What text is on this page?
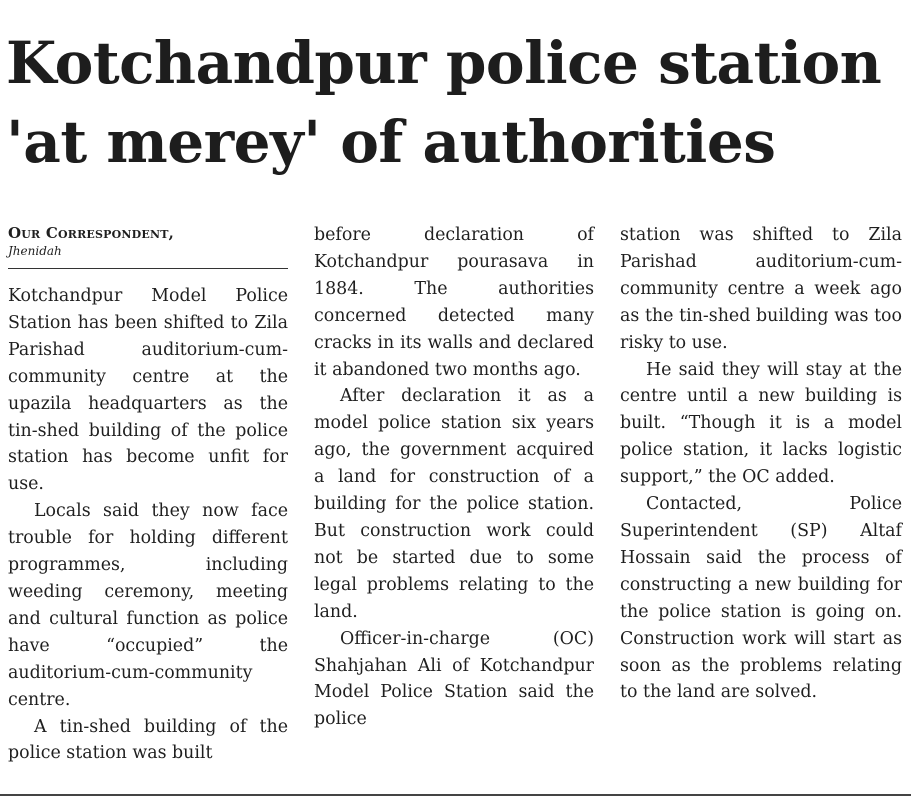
Kotchandpur police station
'at merey' of authorities

Our Correspondent,

Jhenidah

Kotchandpur Model Police Station has been shifted to Zila Parishad auditorium-cum-community centre at the upazila headquarters as the tin-shed building of the police station has become unfit for use.

Locals said they now face trouble for holding different programmes, including weeding ceremony, meeting and cultural function as police have “occupied” the auditorium-cum-community centre.

A tin-shed building of the police station was built

before declaration of Kotchandpur pourasava in 1884. The authorities concerned detected many cracks in its walls and declared it abandoned two months ago.

After declaration it as a model police station six years ago, the government acquired a land for construction of a building for the police station. But construction work could not be started due to some legal problems relating to the land.

Officer-in-charge (OC) Shahjahan Ali of Kotchandpur Model Police Station said the police

station was shifted to Zila Parishad auditorium-cum-community centre a week ago as the tin-shed building was too risky to use.

He said they will stay at the centre until a new building is built. “Though it is a model police station, it lacks logistic support,” the OC added.

Contacted, Police Superintendent (SP) Altaf Hossain said the process of constructing a new building for the police station is going on. Construction work will start as soon as the problems relating to the land are solved.
